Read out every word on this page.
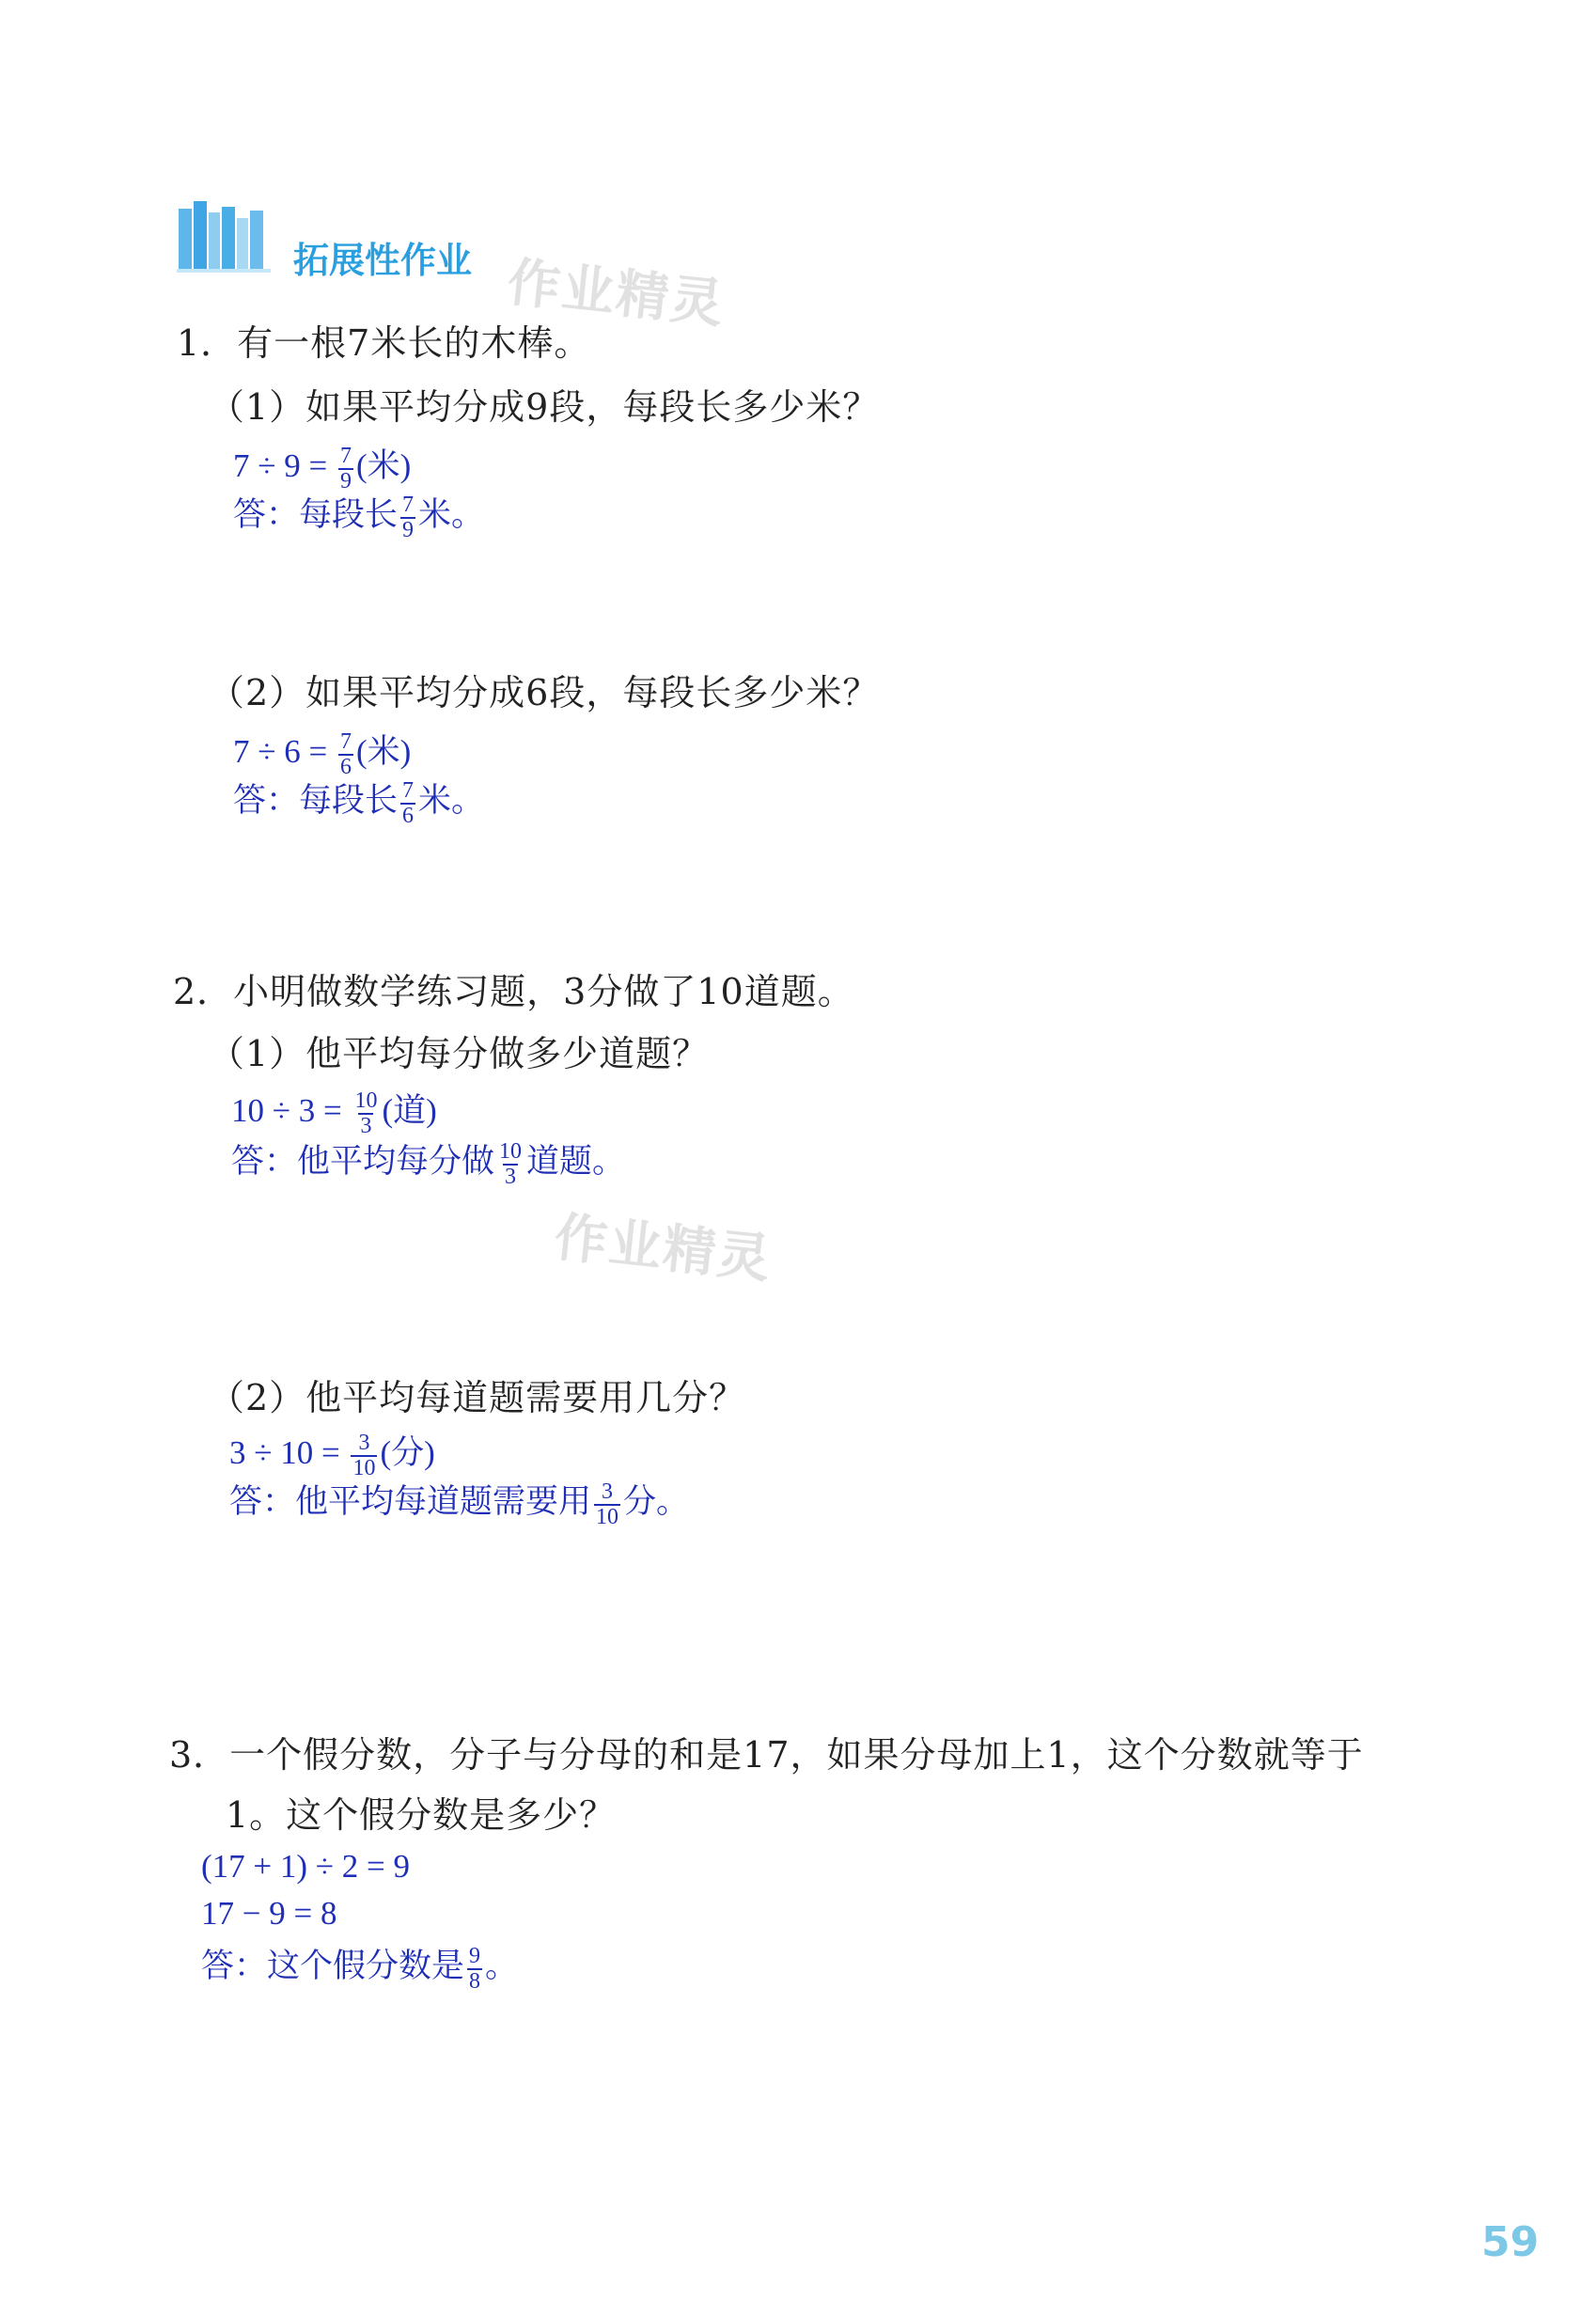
拓展性作业 作业精灵
作业精灵
1．有一根7米长的木棒。
（1）如果平均分成9段，每段长多少米？
$7 \div 9 = \frac{7}{9}$ (米)
答：每段长 $\frac{7}{9}$ 米。
（2）如果平均分成6段，每段长多少米？
$7 \div 6 = \frac{7}{6}$ (米)
答：每段长 $\frac{7}{6}$ 米。
2．小明做数学练习题，3分做了10道题。
（1）他平均每分做多少道题？
$10 \div 3 = \frac{10}{3}$ (道)
答：他平均每分做 $\frac{10}{3}$ 道题。
（2）他平均每道题需要用几分？
$3 \div 10 = \frac{3}{10}$ (分)
答：他平均每道题需要用 $\frac{3}{10}$ 分。
3．一个假分数，分子与分母的和是17，如果分母加上1，这个分数就等于
1。这个假分数是多少？
(17 + 1) ÷ 2 = 9
17 − 9 = 8
答：这个假分数是 $\frac{9}{8}$ 。
59
